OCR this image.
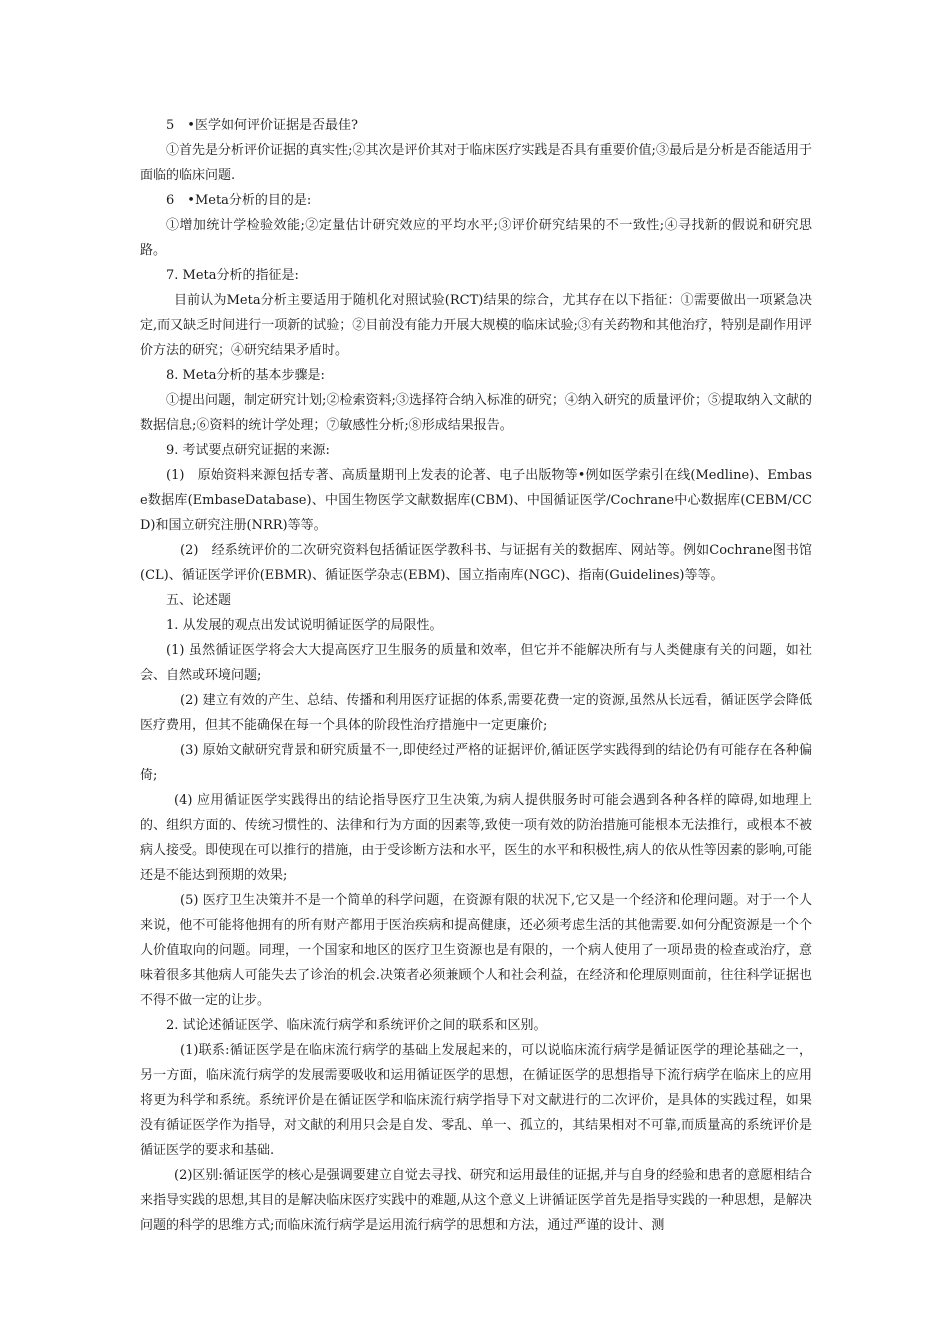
5　•医学如何评价证据是否最佳?

①首先是分析评价证据的真实性;②其次是评价其对于临床医疗实践是否具有重要价值;③最后是分析是否能适用于面临的临床问题.

6　•Meta分析的目的是:

①增加统计学检验效能;②定量估计研究效应的平均水平;③评价研究结果的不一致性;④寻找新的假说和研究思路。

7. Meta分析的指征是:

目前认为Meta分析主要适用于随机化对照试验(RCT)结果的综合，尤其存在以下指征：①需要做出一项紧急决定,而又缺乏时间进行一项新的试验；②目前没有能力开展大规模的临床试验;③有关药物和其他治疗，特别是副作用评价方法的研究；④研究结果矛盾时。

8. Meta分析的基本步骤是:

①提出问题，制定研究计划;②检索资料;③选择符合纳入标准的研究；④纳入研究的质量评价；⑤提取纳入文献的数据信息;⑥资料的统计学处理；⑦敏感性分析;⑧形成结果报告。

9. 考试要点研究证据的来源:

(1)　原始资料来源包括专著、高质量期刊上发表的论著、电子出版物等•例如医学索引在线(Medline)、Embase数据库(EmbaseDatabase)、中国生物医学文献数据库(CBM)、中国循证医学/Cochrane中心数据库(CEBM/CCD)和国立研究注册(NRR)等等。

(2)　经系统评价的二次研究资料包括循证医学教科书、与证据有关的数据库、网站等。例如Cochrane图书馆(CL)、循证医学评价(EBMR)、循证医学杂志(EBM)、国立指南库(NGC)、指南(Guidelines)等等。

五、论述题

1. 从发展的观点出发试说明循证医学的局限性。

(1) 虽然循证医学将会大大提高医疗卫生服务的质量和效率，但它并不能解决所有与人类健康有关的问题，如社会、自然或环境问题;

(2) 建立有效的产生、总结、传播和利用医疗证据的体系,需要花费一定的资源,虽然从长远看，循证医学会降低医疗费用，但其不能确保在每一个具体的阶段性治疗措施中一定更廉价;

(3) 原始文献研究背景和研究质量不一,即使经过严格的证据评价,循证医学实践得到的结论仍有可能存在各种偏倚;

(4) 应用循证医学实践得出的结论指导医疗卫生决策,为病人提供服务时可能会遇到各种各样的障碍,如地理上的、组织方面的、传统习惯性的、法律和行为方面的因素等,致使一项有效的防治措施可能根本无法推行，或根本不被病人接受。即使现在可以推行的措施，由于受诊断方法和水平，医生的水平和积极性,病人的依从性等因素的影响,可能还是不能达到预期的效果;

(5) 医疗卫生决策并不是一个简单的科学问题，在资源有限的状况下,它又是一个经济和伦理问题。对于一个人来说，他不可能将他拥有的所有财产都用于医治疾病和提高健康，还必须考虑生活的其他需要.如何分配资源是一个个人价值取向的问题。同理，一个国家和地区的医疗卫生资源也是有限的，一个病人使用了一项昂贵的检查或治疗，意味着很多其他病人可能失去了诊治的机会.决策者必须兼顾个人和社会利益，在经济和伦理原则面前，往往科学证据也不得不做一定的让步。

2. 试论述循证医学、临床流行病学和系统评价之间的联系和区别。

(1)联系:循证医学是在临床流行病学的基础上发展起来的，可以说临床流行病学是循证医学的理论基础之一，另一方面，临床流行病学的发展需要吸收和运用循证医学的思想，在循证医学的思想指导下流行病学在临床上的应用将更为科学和系统。系统评价是在循证医学和临床流行病学指导下对文献进行的二次评价，是具体的实践过程，如果没有循证医学作为指导，对文献的利用只会是自发、零乱、单一、孤立的，其结果相对不可靠,而质量高的系统评价是循证医学的要求和基础.

(2)区别:循证医学的核心是强调要建立自觉去寻找、研究和运用最佳的证据,并与自身的经验和患者的意愿相结合来指导实践的思想,其目的是解决临床医疗实践中的难题,从这个意义上讲循证医学首先是指导实践的一种思想，是解决问题的科学的思维方式;而临床流行病学是运用流行病学的思想和方法，通过严谨的设计、测
